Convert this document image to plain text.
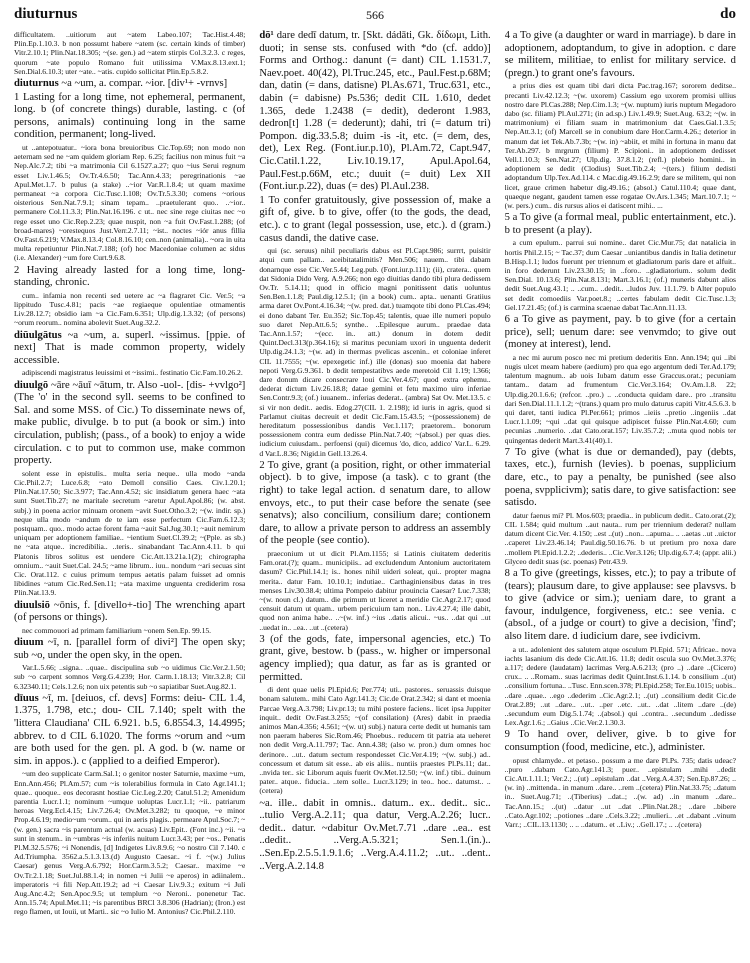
diuturnus	566	do

difficultatem. ..uitiorum aut ~atem Labeo.107; Tac.Hist.4.48; Plin.Ep.1.10.3. b non possumt habere ~atem (sc. certain kinds of timber) Vitr.2.10.1; Plin.Nat.18.305; ~(se. gen.) ad ~atem stirpis Col.3.2.3. c reges, quorum ~ate populo Romano fuit utilissima V.Max.8.13.ext.1; Sen.Dial.6.10.3; uter ~ate.. ~atis. cupido sollicitat Plin.Ep.5.8.2.

diuturnus ~a ~um, a. compar. ~ior. [div¹+ -vrnvs]

1 Lasting for a long time, not ephemeral, permanent, long. b (of concrete things) durable, lasting. c (of persons, animals) continuing long in the same condition, permanent; long-lived.

ut ..antepotuatur.. ~iora bona breuioribus Cic.Top.69; non modo non aeternam sed ne ~am quidem gloriam Rep. 6.25; facilius non minus fuit ~a Nep.Alc.7.2; tibi ~a matrimonia Cil 6.1527.a.27; quo ~ius Serui regnum esset Liv.1.46.5; Ov.Tr.4.6.50; Tac.Ann.4.33; peregrinationis ~ae Apul.Met.1.7. b pulus (a stake) ..~ior Var.R.1.8.4; ut quam maxime permaneat ~a corpora Cic.Tusc.1.108; Ov.Tr.5.3.30; comens ~orious oisterious Sen.Nat.7.9.1; sinam tepam.. ..praetulerant quo.. ..~ior.. permanere Col.11.3.3; Plin.Nat.16.196. c ut.. nec sine rege ciuitas nec ~o rege esset uno Cic.Rep.2.23; quae nuspit, non ~a fuit Ov.Fast.1.288; (of broad-mares) ~orestequos Just.Verr.2.7.11; ~ist.. noctes ~iór anus fillia Ov.Fast.6.219; V.Max.8.13.4; Col.8.16.10; cen..non (animalia).. ~ora in uita multa repetiuntur Plin.Nat.7.188; (of) hoc Macedoniae columen ac sidus (i.e. Alexander) ~um fore Curt.9.6.8.

2 Having already lasted for a long time, long-standing, chronic.

cum.. infamia non recenti sed uetere ac ~a flagraret Cic. Ver.5; ~a lippitudo Tusc.4.81; pacis ~ae regiaeque opulentiae otmamentis Liv.28.12.7; obsidio iam ~a Cic.Fam.6.351; Ulp.dig.1.3.32; (of persons) ~orum reorum.. nomina abolevit Suet.Aug.32.2.

diūulgātus ~a ~um, a. superl. ~issimus. [ppie. of next] That is made common property, widely accessible.

adipiscendi magistratus leuissimi et ~issimi.. festinatio Cic.Fam.10.26.2.

diuulgō ~āre ~āuī ~ātum, tr. Also -uol-. [dis- +vvlgo²] (The 'o' in the second syll. seems to be confined to Sal. and some MSS. of Cic.) To disseminate news of, make public, divulge. b to put (a book or sim.) into circulation, publish; (pass., of a book) to enjoy a wide circulation. c to put to common use, make common property.

solent esse in epistulis.. multa seria neque.. ulla modo ~anda Cic.Phil.2.7; Luce.6.8; ~ato Demoll consilio Caes. Civ.1.20.1; Plin.Nat.17.50; Sic.3.977; Tac.Ann.4.52; sic insidiatum genera haec ~ata sunt Suet.Tib.27; ne maritale secretum ~aretur Apul.Apol.86; (w. abst. subj.) in poena acrior minuam oronem ~avit Suet.Otho.3.2; ~(w. indir. sp.) neque ulla modo ~andum de te iam esse perfectum Cic.Fam.6.12.3; postquam.. quo.. modo actae forent fama ~auit Sal.Jug.30.1; ~auit nemirum uniquam per adoptionem familiae.. ~ientium Suet.Cl.39.2; ~(Pple. as sb.) ne ~ata atque.. incredibilia.. ..teris.. sinabandant Tac.Ann.4.11. b qui Platonis libros solitus est uendere Cic.Att.13.21a.1(2); chirographa omnium.. ~auit Suet.Cal. 24.5; ~ame librum.. iuu.. nondum ~ari secuas sint Cic. Orat.112. c cuius primum tempus aetatis palam fuisset ad omnis libidines ~atum Cic.Red.Sen.11; ~ata maxime unguenta crediderim rosa Plin.Nat.13.9.

diuulsiō ~ōnis, f. [divello+-tio] The wrenching apart (of persons or things).

nec commouori ad primam familiarium ~onem Sen.Ep. 99.15.

diuum ~ī, n. [parallel form of divi²] The open sky; sub ~o, under the open sky, in the open.

Var.L.5.66; ..signa.. ..quae.. discipulina sub ~o uidimus Cic.Ver.2.1.50; sub ~o carpent somnos Verg.G.4.239; Hor. Carm.1.18.13; Vitr.3.2.8; Cil 6.32340.11; Cels.1.2.6; non uix petentis sub ~o sapiatibar Suet.Aug.82.1.

dīuus ~ī, m. [deiuos, cf. devs] Forms: deiu- CIL 1.4, 1.375, 1.798, etc.; dou- CIL 7.140; spelt with the 'littera Claudiana' CIL 6.921. b.5, 6.8554.3, 14.4995; abbrev. to d CIL 6.1020. The forms ~orum and ~um are both used for the gen. pl. A god. b (w. name or sim. in appos.). c (applied to a deified Emperor).

~um deo supplicate Carm.Sal.1; o genitor noster Saturnie, maxime ~um, Enn.Ann.456; Pl.Am.57; cum ~is tolerabilius formula in Cato Agr.141.1; quae.. quoque.. eos decorasnt hostiae Cic.Leg.2.20; Catul.51.2; Amenidum parentia Lucr.1.1; nominum ~umque uoluptas Lucr.1.1; ~ii.. patriarum heroas Verg.Ecl.4.15; Liv.7.26.4; Ov.Met.3.282; tu quoque, ~e minor Prop.4.6.19; medio~um ~orum.. qui in aeris plagis.. permeare Apul.Soc.7; ~(w. gen.) sacra ~is parentum actual (w. acuas) Liv.Epit.. (Font inc.) ~ii. ~a sunt in stenum.. in ~umbras ~is inferiis nuitum Lucr.3.43; per ~os.. Penatis Pl.M.32.5.576; ~i Nonendis, [d] Indigetes Liv.8.9.6; ~o nostro Cil 7.140. c Ad.Triumpha. 3562.a.5.1.3.13.(d) Augusto Caesar.. ~i f. ~(w.) Julius Caesar) genus Verg.A.6.792; Hor.Carm.3.5.2; Caesar.. maxime ~e Ov.Tr.2.1.18; Suet.Jul.88.1.4; in nomen ~i Julii ~e aperos) in adiinalem.. imperatoris ~i fili Nep.Att.19.2; ad ~i Caesar Liv.9.3.; exitum ~i Juli Aug.Anc.4.2; Sen.Apoc.9.5; ut templum ~o Neroni.. ponenetur Tac. Ann.15.74; Apul.Met.11; ~is parentibus BRCl 3.8.306 (Hadrian); (Iron.) est rego flamen, ut Iouii, ut Marti.. sic ~o Iulio M. Antonius? Cic.Phil.2.110.

dō¹ dare dedī datum, tr. [Skt. dádāti, Gk. δίδωμι, Lith. duoti; in sense sts. confused with *do (cf. addo)] Forms and Orthog.: danunt (= dant) CIL 1.1531.7, Naev.poet. 40(42), Pl.Truc.245, etc., Paul.Fest.p.68M; dan, datin (= dans, datisne) Pl.As.671, Truc.631, etc., dabin (= dabisne) Ps.536; dedit CIL 1.610, dedet 1.365, dede 1.2438 (= dedit), dederont 1.983, dedron[t] 1.28 (= dederunt); dahi, tri (= datum tri) Pompon. dig.33.5.8; duim -is -it, etc. (= dem, des, det), Lex Reg. (Font.iur.p.10), Pl.Am.72, Capt.947, Cic.Catil.1.22, Liv.10.19.17, Apul.Apol.64, Paul.Fest.p.66M, etc.; duuit (= duit) Lex XII (Font.iur.p.22), duas (= des) Pl.Aul.238.

1 To confer gratuitously, give possession of, make a gift of, give. b to give, offer (to the gods, the dead, etc.). c to grant (legal possession, use, etc.). d (gram.) casus dandi, the dative case.

qui (sc. seruus) nihil peculiaris dabus est Pl.Capt.986; surrrt, puisitir atqui cum pallam.. aceibitatalimitis? Men.506; nauem.. tibi dabam donarnque esse Cic.Ver.5.44; Leg.pub. (Font.iur.p.111); (ii), cratera.. quem dat Sidonia Dido Verg. A.9.266; non ego diuitias dando tibi plura dedissem Ov.Tr. 5.14.11; quod in officio magni ponitissent datis uoluntus Sen.Ben.1.1.8; Paul.dig.12.5.1; (in a book) cum.. apta.. uenanti Gratiius arma daret Ov.Pont.4.16.34; ~(w. pred. dat.) tuamqote tibi dono Pl.Cas.494; ei dono dabant Ter. Eu.352; Sic.Top.45; talentis, quae ille numeri populo suo daret Nep.Att.6.5; synthe.. ..Epilesque aurum.. praedae data Tac.Ann.1.57; ~(ecc. in.. att.) donum in dotem dedit Quint.Decl.313(p.364.16); si maritus pecuniam uxori in unguenta dederit Ulp.dig.24.1.3; ~(w. ad) in thermas pvelicas ascenin.. et coloniae inferet CIL 11.7555; ~(w. epexegetic inf.) ille (donas) suo moenia dat habere nepoti Verg.G.9.361. b dedit tempestatibvs aede meretoid Cil 1.19; l.366; dare donum dicare consecrare loui Cic.Ver.4.67; quod extra ephemu.. dederat dictum Liv.26.18.8; datae gemini et fetu maximo uiro inferiae Sen.Contr.9.3; (of.) iuuanem.. inferias dederat.. (ambra) Sat Ov. Met.13.5. c si vir non dedit.. aedis. Edog.27(CIL 1. 2.198); id iuris in agris, quod si Parlamut ciuitas decreuit et dedit Cic.Fam.15.43.5; ~(possessionem) de hereditatum possessionibus dandis Ver.1.117; praetorem.. bonorum possessionem contra eum dedisse Plin.Nat.7.40; ~(absol.) per quas dies. iudicium cuiusdam.. perfoensi (qui) dicemus 'do, dico, addico' Var.L. 6.29. d Var.L.8.36; Nigid.in Gell.13.26.4.

2 To give, grant (a position, right, or other immaterial object). b to give, impose (a task). c to grant (the right) to take legal action. d senatum dare, to allow envoys, etc., to put their case before the senate (see senatvs); also concilium, consilium dare; contionem dare, to allow a private person to address an assembly of the people (see contio).

praeconium ut ut dicit Pl.Am.1155; si Latinis ciuitatem dederitis Fam.orat.(?); quam.. municipiis.. ad excludendum Antonium auctoritatem dasum? Cic.Phil.14.1; is.. hones nihil uideri soleat, qui.. propter magna merita.. datur Fam. 10.10.1; indutiae.. Carthaginiensibus datas in tres menses Liv.30.38.4; ultima Pompeio dabitur prouincia Caesar? Luc.7.338; ~(w. noun cl.) datum.. die primum ut liceret a meridie Cic.Agr.2.17; quod censuit datum ut quam.. urbem pericuium tam non.. Liv.4.27.4; ille dabit, quod non anima habe.. ..~(w. inf.) ~ius ..datis alicui.. ~us.. ..dat qui ..ut ..uedat in.. ..ea.. ..ut ..(cetera)

3 (of the gods, fate, impersonal agencies, etc.) To grant, give, bestow. b (pass., w. higher or impersonal agency implied); qua datur, as far as is granted or permitted.

di dent quae uelis Pl.Epid.6; Per.774; uti.. pastores.. seruassis duisque bonam salutem.. mihi Cato Agr.141.3; Cic.de Orat.2.342; si dant et moenia Parcae Verg.A.3.798; Liv.pr.13; tu mihi postere faciens.. licet ipsa Juppiter inquit.. dedit Ov.Fast.3.255; ~(of consilation) (Ares) dabit in praedia animos Man.4.356; 4.561; ~(w. ut) subj.) natura certe dedit ut humanis tam non paeram haberes Sic.Rom.46; Phoebus.. reducem tit patria ata ueheret non dedit Verg.A.11.797; Tac. Ann.4.38; (also w. pron.) dum omnes hoc derinore.. ..ut.. datum sectum respondesset Cic.Ver.4.19; ~(w. subj.) ad.. concessum et datum sit esse.. ab eis aliis.. nuntiis praestes Pl.Ps.11; dat.. ..nvida ter.. sic Liborum aquis fuerit Ov.Met.12.50; ~(w. inf.) tibi.. duinum pater.. atque.. fiducia.. ..tem solle.. Lucr.3.129; in teo.. hoc.. datumst.. .. (cetera)

~a. ille.. dabit in omnis.. datum.. ex.. dedit.. sic.. ..tulio Verg.A.2.11; qua datur, Verg.A.2.26; lucr.. dedit.. datur. ~dabitur Ov.Met.7.71 ..dare ..ea.. est ..dedit.. ..Verg.A.5.321; Sen.1.(in.).. ..Sen.Ep.2.5.5.1.9.1.6; ..Verg.A.4.11.2; ..ut.. ..dent.. ..Verg.A.2.14.8

4 a To give (a daughter or ward in marriage). b dare in adoptionem, adoptandum, to give in adoption. c dare se militem, militiae, to enlist for military service. d (pregn.) to grant one's favours.

a prius dies est quam tibi dari dicta Pac.trag.167; sororem deditse.. precanti Liv.42.12.3; ~(w. uxorem) Cassium ego uxorem promisi ullius nostro dare Pl.Cas.288; Nep.Cim.1.3; ~(w. nuptum) iuris nuptum Megadoro dabo (sc. filiam) Pl.Aul.271; (in ad.sp.) Liv.1.49.9; Suet.Aug. 63.2; ~(w. in matrimonium) ei filiam suam in matrimonium dat Caes.Gal.1.3.5; Nep.Att.3.1; (of) Marcell se in conubium dare Hor.Carm.4.26.; deterior in manum dat iet Tek.Ab.7.3b; ~(w. in) ~abiit, et mihi in fortuna in manu dat Ter.Ab.297. b mrgrum (filium) P. Scipioni.. in adoptionem dedisset Vell.1.10.3; Sen.Nat.27; Ulp.dig. 37.8.1.2; (refl.) plebeio homini.. in adoptionem se dedit (Clodius) Suet.Tib.2.4; ~(ters.) filium dedisti adoptandum Ulp.Tex.Ad.114. c Mac.dig.49.16.2.9; dare se militem, qui non licet, graue crimen habetur dig.49.16.; (absol.) Catul.110.4; quae dant, quaeque negant, gaudent tamen esse rogatae Ov.Ars.1.345; Mart.10.7.1; ~(w. pers.) cum.. dis rursus alios ei datiscent mihi.. ...

5 a To give (a formal meal, public entertainment, etc.). b to present (a play).

a cum epulum.. parrui sui nomine.. daret Cic.Mur.75; dat natalicia in hortis Phil.2.15; ~ Tac.37; dum Caesar ..uniantibus dandis in Italia detinetur B.Hisp.1.1; ludos fuerunt per triennum et gladiatorum paris dare et alfuit.. in foro dederunt Liv.23.30.15; in ..foro.. ..gladiatorium.. solum dedit Sen.Dial. 10.13.6; Plin.Nat.8.131; Mart.3.16.1; (of.) muneris dabunt alios dedit Suet.Aug.43.1; .. ..cum.. ..dedit.. ..ludos Juv. 11.1.79. b Alter populo set dedit comoediis Var.poet.8.; ..certes fabulam dedit Cic.Tusc.1.3; Gel.17.21.45; (of.) is carmina scaenae dabat Tac.Ann.11.13.

6 a To give as payment, pay. b to give (for a certain price), sell; uenum dare: see venvmdo; to give out (money at interest), lend.

a nec mi aurum posco nec mi pretium dederitis Enn. Ann.194; qui ..ibi nugis ulcet meam habere (aedium) pro qua ego argentum dedi Ter.Ad.179; talentum magnum.. ab uois Iubam datum esse Graccus.orat.; pecuniam tantam.. datam ad frumentum Cic.Ver.3.164; Ov.Am.1.8. 22; Ulp.dig.20.1.6.6; (refcor. ..pro.) .. ..conducta quidam dare.. pro ..transitu dari Sen.Dial.11.1.1.2; ~(trans.) quam pro mulo daturus capiti Vitr.4.5.6.3. b qui daret, tanti iudica Pl.Per.661; primos ..ieiis ..pretio ..ingeniis ..dat Lucr.1.1.09; ~qui ..dat qui quisque adipiscet fuisse Plin.Nat.4.60; cum pecunias ..numerio. ..dat Cato.orat.157; Liv.35.7.2; ..muta quod nobis ter quingentas dederit Mart.3.41(40).1.

7 To give (what is due or demanded), pay (debts, taxes, etc.), furnish (levies). b poenas, supplicium dare, etc., to pay a penalty, be punished (see also poena, svpplicivm); satis dare, to give satisfaction: see satisdo.

datur faenus mi? Pl. Mos.603; praedia.. in publicum dedit.. Cato.orat.(2); CIL 1.584; quid multum ..aut nauta.. rum per triennium dederat? nullam datum dicent Cic.Ver. 4.150; ..est ..(ut) ..non.. ..apuma.. .. ..aetas ..ut ..uictor ..caperet Liv.23.46.14; Paul.dig.50.16.76. b ut pretium pro noxa dare ..mollem Pl.Epid.1.2.2; ..dederis.. ..Cic.Ver.3.126; Ulp.dig.6.7.4; (appr. alii.) Glyceo dedit suas (sc. poenas) Petr.43.9.

8 a To give (greetings, kisses, etc.); to pay a tribute of (tears); plausum dare, to give applause: see plavsvs. b to give (advice or sim.); ueniam dare, to grant a favour, indulgence, forgiveness, etc.: see venia. c (absol., of a judge or court) to give a decision, 'find'; also litem dare. d iudicium dare, see ivdicivm.

a ut.. adolenient des salutem atque osculum Pl.Epid. 571; Africae.. nova iachts lasanium dis dede Cic.Att.16. 11.8; dedit oscula suo Ov.Met.3.376; a.117; dedere (laudatam) lacrimas Verg.A.6.213; (pro ..) ..dare ..(Cicero) crux.. .. ..Romam.. suas lacrimas dedit Quint.Inst.6.1.14. b consilium ..(ut) ..consilium fortuna.. ..Tusc. Enn.scen.378; Pl.Epid.258; Ter.Eu.1015; uobis.. ..dare ..quae.. ..ego ..dederim ..Cic.Agr.2.1; ..(ut) ..consilium dedit Cic.de Orat.2.89; ..ut ..dare.. ..ut.. ..per ..etc. ..ut.. ..dat ..litem ..dare ..(de) ..secundum eum Dig.5.1.74; ..(absol.) qui ..contra.. ..secundum ..dedisse Lex.Agr.1.6.; ..Gaius ..Cic.Ver.2.1.30.3.

9 To hand over, deliver, give. b to give for consumption (food, medicine, etc.), administer.

opust chlamyde.. et petaso.. possum a me dare Pl.Ps. 735; datis udeac? ..puro ..dabam Cato.Agr.141.3; puer.. ..epistulam ..mihi ..dedit Cic.Att.1.11.1; Ver.2.; ..(ut) ..epistulam ..dat ..Verg.A.4.37; Sen.Ep.87.26; ..(w. in) ..mittenda.. in manum ..dare.. ..rem ..(cetera) Plin.Nat.33.75; ..datum in.. Suet.Aug.71; ..(Tiberius) ..dat..; ..(w. ad) ..in manum ..dare.. Tac.Ann.15.; ..(ut) ..datur ..ut ..dat ..Plin.Nat.28.; ..dare ..bibere ..Cato.Agr.102; ..potiones ..dare ..Cels.3.22; ..mulieri.. ..et ..dabant ..vinum Varr.; ..CIL.13.1130; .. .. ..datum.. et ..Liv.; ..Gell.17.; .. ..(cetera)
